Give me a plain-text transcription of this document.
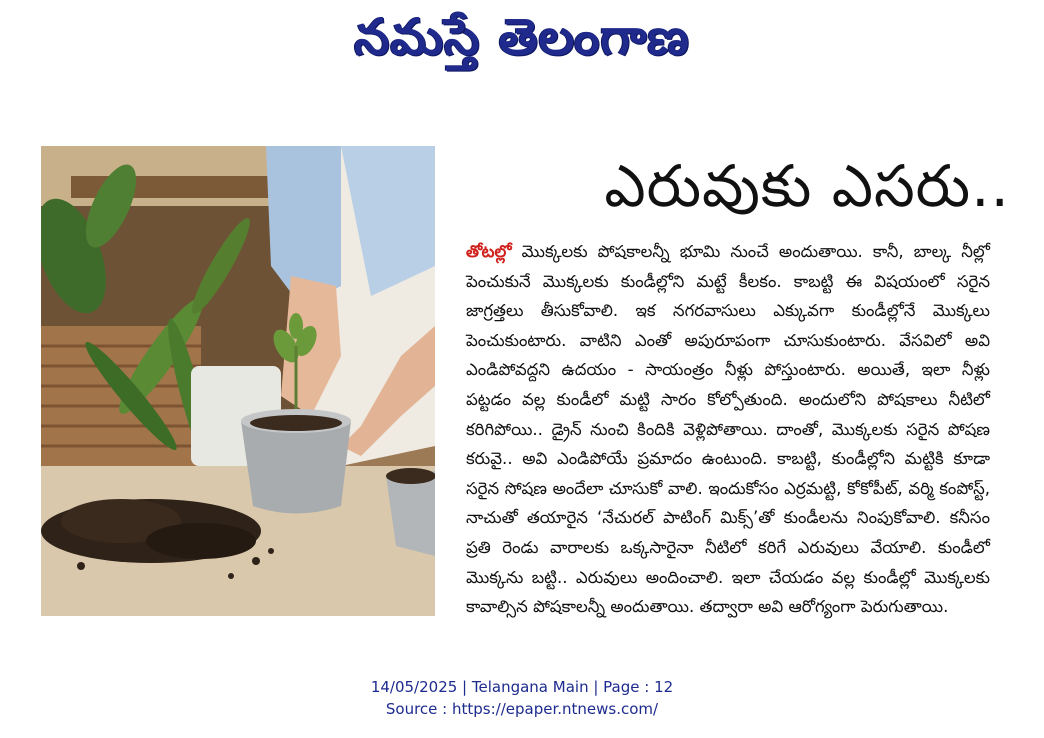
నమస్తే తెలంగాణ
ఎరువుకు ఎసరు..

తోటల్లో మొక్కలకు పోషకాలన్నీ భూమి నుంచే అందుతాయి. కానీ, బాల్క నీల్లో పెంచుకునే మొక్కలకు కుండీల్లోని మట్టే కీలకం. కాబట్టి ఈ విషయంలో సరైన జాగ్రత్తలు తీసుకోవాలి. ఇక నగరవాసులు ఎక్కువగా కుండీల్లోనే మొక్కలు పెంచుకుంటారు. వాటిని ఎంతో అపురూపంగా చూసుకుంటారు. వేసవిలో అవి ఎండిపోవద్దని ఉదయం - సాయంత్రం నీళ్లు పోస్తుంటారు. అయితే, ఇలా నీళ్లు పట్టడం వల్ల కుండీలో మట్టి సారం కోల్పోతుంది. అందులోని పోషకాలు నీటిలో కరిగిపోయి.. డ్రైన్ నుంచి కిందికి వెళ్లిపోతాయి. దాంతో, మొక్కలకు సరైన పోషణ కరువై.. అవి ఎండిపోయే ప్రమాదం ఉంటుంది. కాబట్టి, కుండీల్లోని మట్టికి కూడా సరైన సోషణ అందేలా చూసుకో వాలి. ఇందుకోసం ఎర్రమట్టి, కోకోపీట్, వర్మి కంపోస్ట్, నాచుతో తయారైన ‘నేచురల్ పాటింగ్ మిక్స్’తో కుండీలను నింపుకోవాలి. కనీసం ప్రతి రెండు వారాలకు ఒక్కసారైనా నీటిలో కరిగే ఎరువులు వేయాలి. కుండీలో మొక్కను బట్టి.. ఎరువులు అందించాలి. ఇలా చేయడం వల్ల కుండీల్లో మొక్కలకు కావాల్సిన పోషకాలన్నీ అందుతాయి. తద్వారా అవి ఆరోగ్యంగా పెరుగుతాయి.

14/05/2025 | Telangana Main | Page : 12
Source : https://epaper.ntnews.com/
